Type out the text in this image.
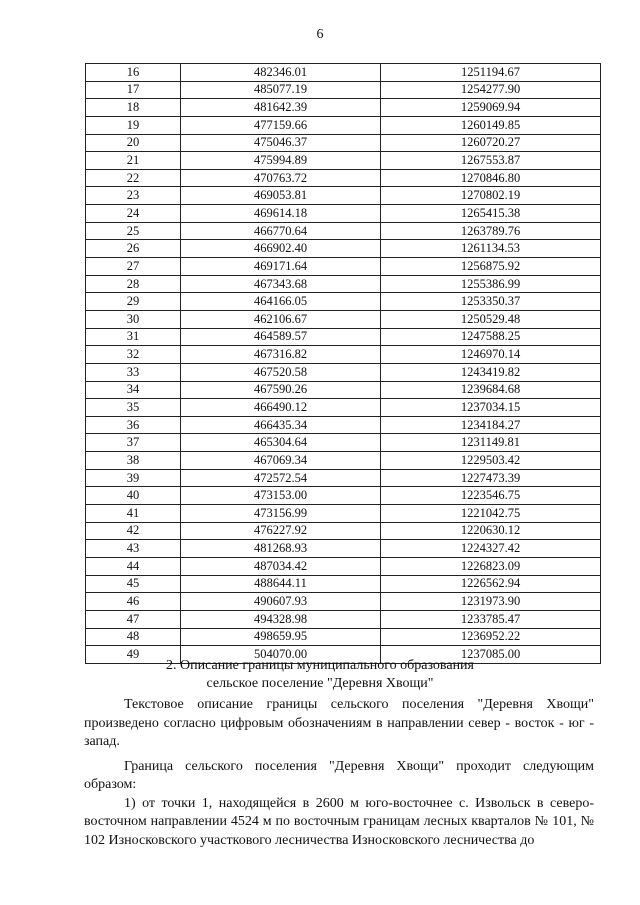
6
16	482346.01	1251194.67
17	485077.19	1254277.90
18	481642.39	1259069.94
19	477159.66	1260149.85
20	475046.37	1260720.27
21	475994.89	1267553.87
22	470763.72	1270846.80
23	469053.81	1270802.19
24	469614.18	1265415.38
25	466770.64	1263789.76
26	466902.40	1261134.53
27	469171.64	1256875.92
28	467343.68	1255386.99
29	464166.05	1253350.37
30	462106.67	1250529.48
31	464589.57	1247588.25
32	467316.82	1246970.14
33	467520.58	1243419.82
34	467590.26	1239684.68
35	466490.12	1237034.15
36	466435.34	1234184.27
37	465304.64	1231149.81
38	467069.34	1229503.42
39	472572.54	1227473.39
40	473153.00	1223546.75
41	473156.99	1221042.75
42	476227.92	1220630.12
43	481268.93	1224327.42
44	487034.42	1226823.09
45	488644.11	1226562.94
46	490607.93	1231973.90
47	494328.98	1233785.47
48	498659.95	1236952.22
49	504070.00	1237085.00
2. Описание границы муниципального образования
сельское поселение "Деревня Хвощи"

Текстовое описание границы сельского поселения "Деревня Хвощи" произведено согласно цифровым обозначениям в направлении север - восток - юг - запад.

Граница сельского поселения "Деревня Хвощи" проходит следующим образом:

1) от точки 1, находящейся в 2600 м юго-восточнее с. Извольск в северо-восточном направлении 4524 м по восточным границам лесных кварталов № 101, № 102 Износковского участкового лесничества Износковского лесничества до
